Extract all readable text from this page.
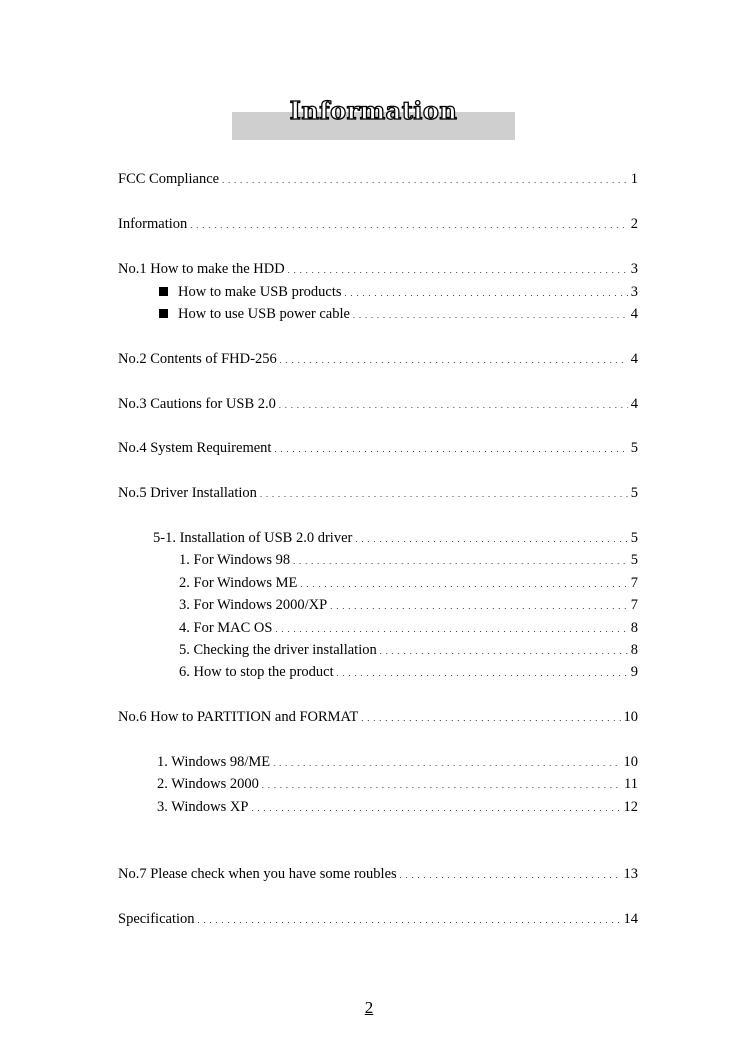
Information
FCC Compliance . . .	1
Information . . .	2
No.1 How to make the HDD . . .	3
How to make USB products . . .	3
How to use USB power cable . . .	4
No.2 Contents of FHD-256 . . .	4
No.3 Cautions for USB 2.0 . . .	4
No.4 System Requirement . . .	5
No.5 Driver Installation . . .	5
5-1. Installation of USB 2.0 driver . . .	5
1. For Windows 98 . . .	5
2. For Windows ME . . .	7
3. For Windows 2000/XP . . .	7
4. For MAC OS . . .	8
5. Checking the driver installation . . .	8
6. How to stop the product . . .	9
No.6 How to PARTITION and FORMAT . . .	10
1. Windows 98/ME . . .	10
2. Windows 2000 . . .	11
3. Windows XP . . .	12
No.7 Please check when you have some roubles . . .	13
Specification . . .	14
2
